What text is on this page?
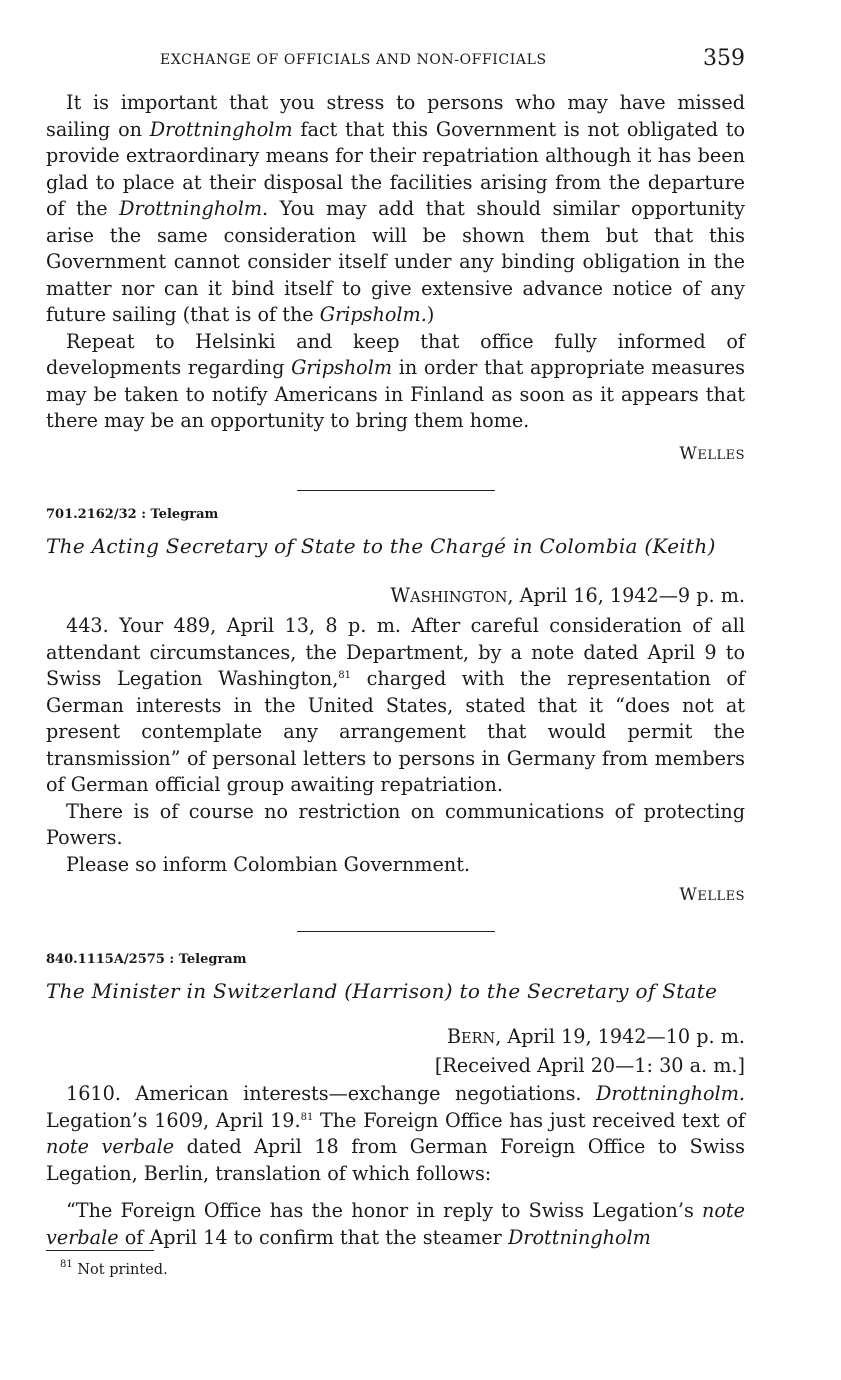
EXCHANGE OF OFFICIALS AND NON-OFFICIALS	359

It is important that you stress to persons who may have missed sailing on Drottningholm fact that this Government is not obligated to provide extraordinary means for their repatriation although it has been glad to place at their disposal the facilities arising from the departure of the Drottningholm. You may add that should similar opportunity arise the same consideration will be shown them but that this Government cannot consider itself under any binding obligation in the matter nor can it bind itself to give extensive advance notice of any future sailing (that is of the Gripsholm.)

Repeat to Helsinki and keep that office fully informed of developments regarding Gripsholm in order that appropriate measures may be taken to notify Americans in Finland as soon as it appears that there may be an opportunity to bring them home.

WELLES
701.2162/32 : Telegram
The Acting Secretary of State to the Chargé in Colombia (Keith)
WASHINGTON, April 16, 1942—9 p. m.

443. Your 489, April 13, 8 p. m. After careful consideration of all attendant circumstances, the Department, by a note dated April 9 to Swiss Legation Washington,$^{81}$ charged with the representation of German interests in the United States, stated that it “does not at present contemplate any arrangement that would permit the transmission” of personal letters to persons in Germany from members of German official group awaiting repatriation.

There is of course no restriction on communications of protecting Powers.

Please so inform Colombian Government.

WELLES
840.1115A/2575 : Telegram
The Minister in Switzerland (Harrison) to the Secretary of State
BERN, April 19, 1942—10 p. m.
[Received April 20—1: 30 a. m.]

1610. American interests—exchange negotiations. Drottningholm. Legation’s 1609, April 19.81 The Foreign Office has just received text of note verbale dated April 18 from German Foreign Office to Swiss Legation, Berlin, translation of which follows:

“The Foreign Office has the honor in reply to Swiss Legation’s note verbale of April 14 to confirm that the steamer Drottningholm

$^{81}$ Not printed.
